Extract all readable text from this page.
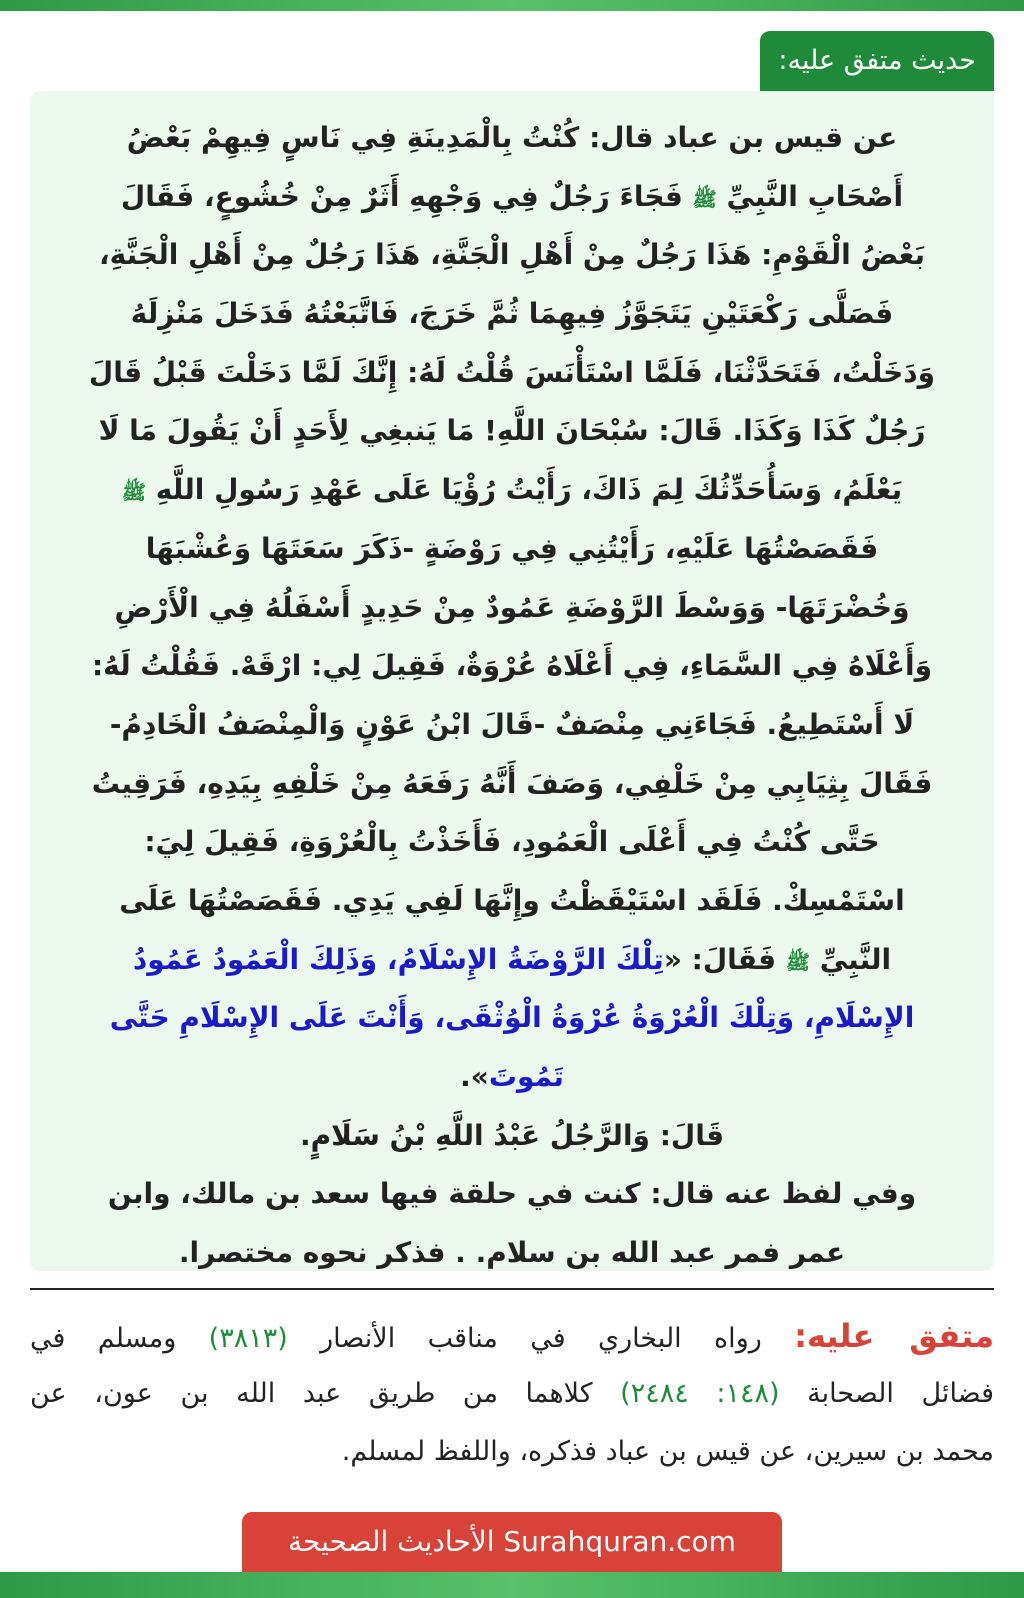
حديث متفق عليه:
عن قيس بن عباد قال: كُنْتُ بِالْمَدِينَةِ فِي نَاسٍ فِيهِمْ بَعْضُ
أَصْحَابِ النَّبِيِّ ﷺ فَجَاءَ رَجُلٌ فِي وَجْهِهِ أَثَرٌ مِنْ خُشُوعٍ، فَقَالَ
بَعْضُ الْقَوْمِ: هَذَا رَجُلٌ مِنْ أَهْلِ الْجَنَّةِ، هَذَا رَجُلٌ مِنْ أَهْلِ الْجَنَّةِ،
فَصَلَّى رَكْعَتَيْنِ يَتَجَوَّزُ فِيهِمَا ثُمَّ خَرَجَ، فَاتَّبَعْتُهُ فَدَخَلَ مَنْزِلَهُ
وَدَخَلْتُ، فَتَحَدَّثْنَا، فَلَمَّا اسْتَأْنَسَ قُلْتُ لَهُ: إِنَّكَ لَمَّا دَخَلْتَ قَبْلُ قَالَ
رَجُلٌ كَذَا وَكَذَا. قَالَ: سُبْحَانَ اللَّهِ! مَا يَنبغِي لِأَحَدٍ أَنْ يَقُولَ مَا لَا
يَعْلَمُ، وَسَأُحَدِّثُكَ لِمَ ذَاكَ، رَأَيْتُ رُؤْيَا عَلَى عَهْدِ رَسُولِ اللَّهِ ﷺ
فَقَصَصْتُهَا عَلَيْهِ، رَأَيْتُنِي فِي رَوْضَةٍ -ذَكَرَ سَعَتَهَا وَعُشْبَهَا
وَخُضْرَتَهَا- وَوَسْطَ الرَّوْضَةِ عَمُودٌ مِنْ حَدِيدٍ أَسْفَلُهُ فِي الْأَرْضِ
وَأَعْلَاهُ فِي السَّمَاءِ، فِي أَعْلَاهُ عُرْوَةٌ، فَقِيلَ لِي: ارْقَهْ. فَقُلْتُ لَهُ:
لَا أَسْتَطِيعُ. فَجَاءَنِي مِنْصَفٌ -قَالَ ابْنُ عَوْنٍ وَالْمِنْصَفُ الْخَادِمُ-
فَقَالَ بِثِيَابِي مِنْ خَلْفِي، وَصَفَ أَنَّهُ رَفَعَهُ مِنْ خَلْفِهِ بِيَدِهِ، فَرَقِيتُ
حَتَّى كُنْتُ فِي أَعْلَى الْعَمُودِ، فَأَخَذْتُ بِالْعُرْوَةِ، فَقِيلَ لِيَ:
اسْتَمْسِكْ. فَلَقَد اسْتَيْقَظْتُ وإِنَّهَا لَفِي يَدِي. فَقَصَصْتُهَا عَلَى
النَّبِيِّ ﷺ فَقَالَ: «تِلْكَ الرَّوْضَةُ الإِسْلَامُ، وَذَلِكَ الْعَمُودُ عَمُودُ
الإِسْلَامِ، وَتِلْكَ الْعُرْوَةُ عُرْوَةُ الْوُثْقَى، وَأَنْتَ عَلَى الإِسْلَامِ حَتَّى
تَمُوتَ».
قَالَ: وَالرَّجُلُ عَبْدُ اللَّهِ بْنُ سَلَامٍ.
وفي لفظ عنه قال: كنت في حلقة فيها سعد بن مالك، وابن
عمر فمر عبد الله بن سلام. . فذكر نحوه مختصرا.
متفق عليه: رواه البخاري في مناقب الأنصار (٣٨١٣) ومسلم في
فضائل الصحابة (١٤٨: ٢٤٨٤) كلاهما من طريق عبد الله بن عون، عن
محمد بن سيرين، عن قيس بن عباد فذكره، واللفظ لمسلم.
الأحاديث الصحيحة Surahquran.com
